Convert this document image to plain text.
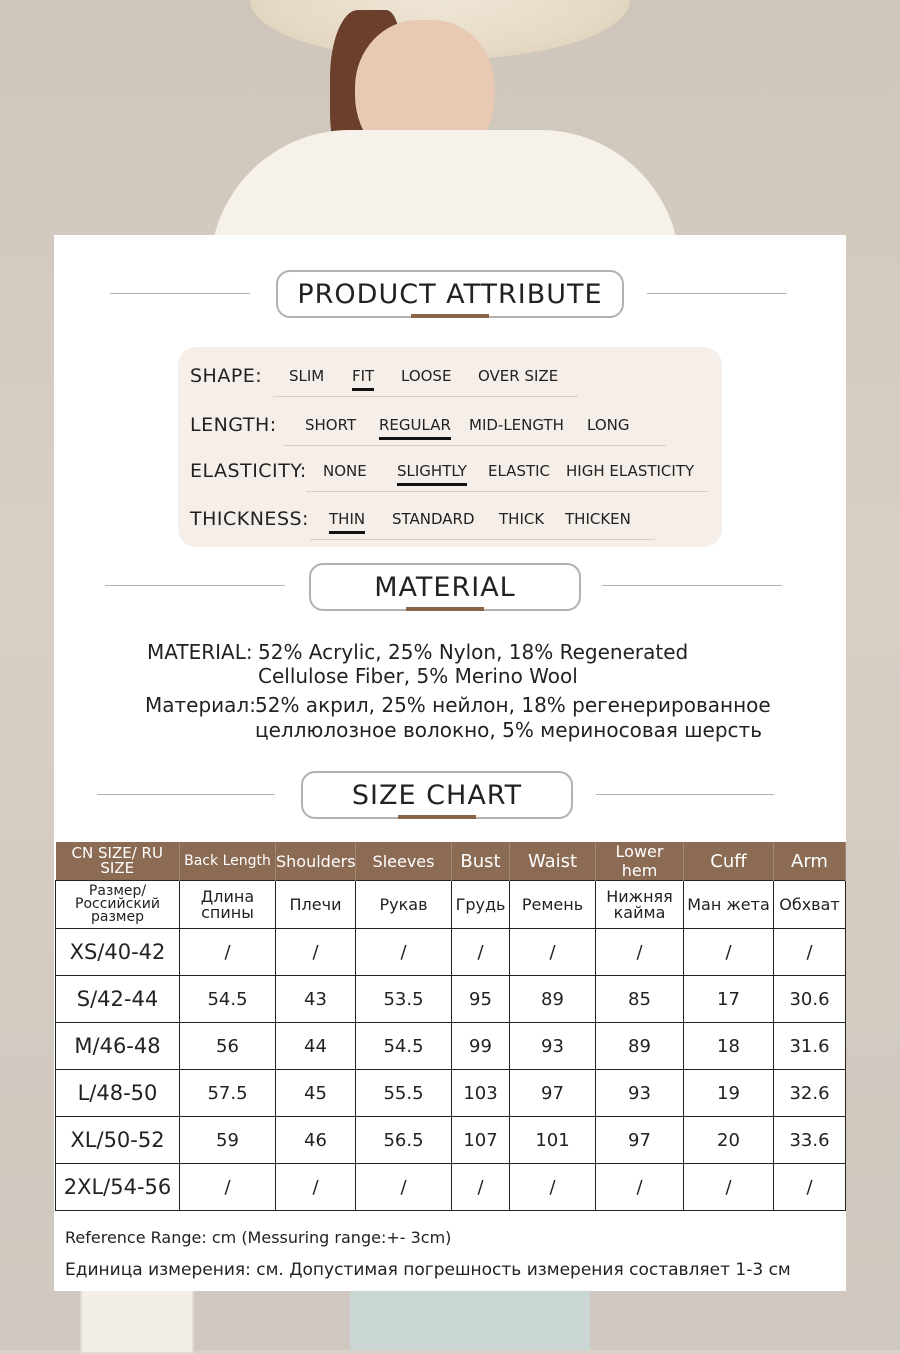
PRODUCT ATTRIBUTE
SHAPE: SLIM FIT LOOSE OVER SIZE
LENGTH: SHORT REGULAR MID-LENGTH LONG
ELASTICITY: NONE SLIGHTLY ELASTIC HIGH ELASTICITY
THICKNESS: THIN STANDARD THICK THICKEN
MATERIAL
MATERIAL: 52% Acrylic, 25% Nylon, 18% Regenerated
Cellulose Fiber, 5% Merino Wool
Материал: 52% акрил, 25% нейлон, 18% регенерированное
целлюлозное волокно, 5% мериносовая шерсть
SIZE CHART
CN SIZE/ RU SIZE	Back Length	Shoulders	Sleeves	Bust	Waist	Lower hem	Cuff	Arm
Размер/ Российский размер	Длина спины	Плечи	Рукав	Грудь	Ремень	Нижняя кайма	Ман жета	Обхват
XS/40-42	/	/	/	/	/	/	/	/
S/42-44	54.5	43	53.5	95	89	85	17	30.6
M/46-48	56	44	54.5	99	93	89	18	31.6
L/48-50	57.5	45	55.5	103	97	93	19	32.6
XL/50-52	59	46	56.5	107	101	97	20	33.6
2XL/54-56	/	/	/	/	/	/	/	/
Reference Range: cm (Messuring range:+- 3cm)
Единица измерения: см. Допустимая погрешность измерения составляет 1-3 см
